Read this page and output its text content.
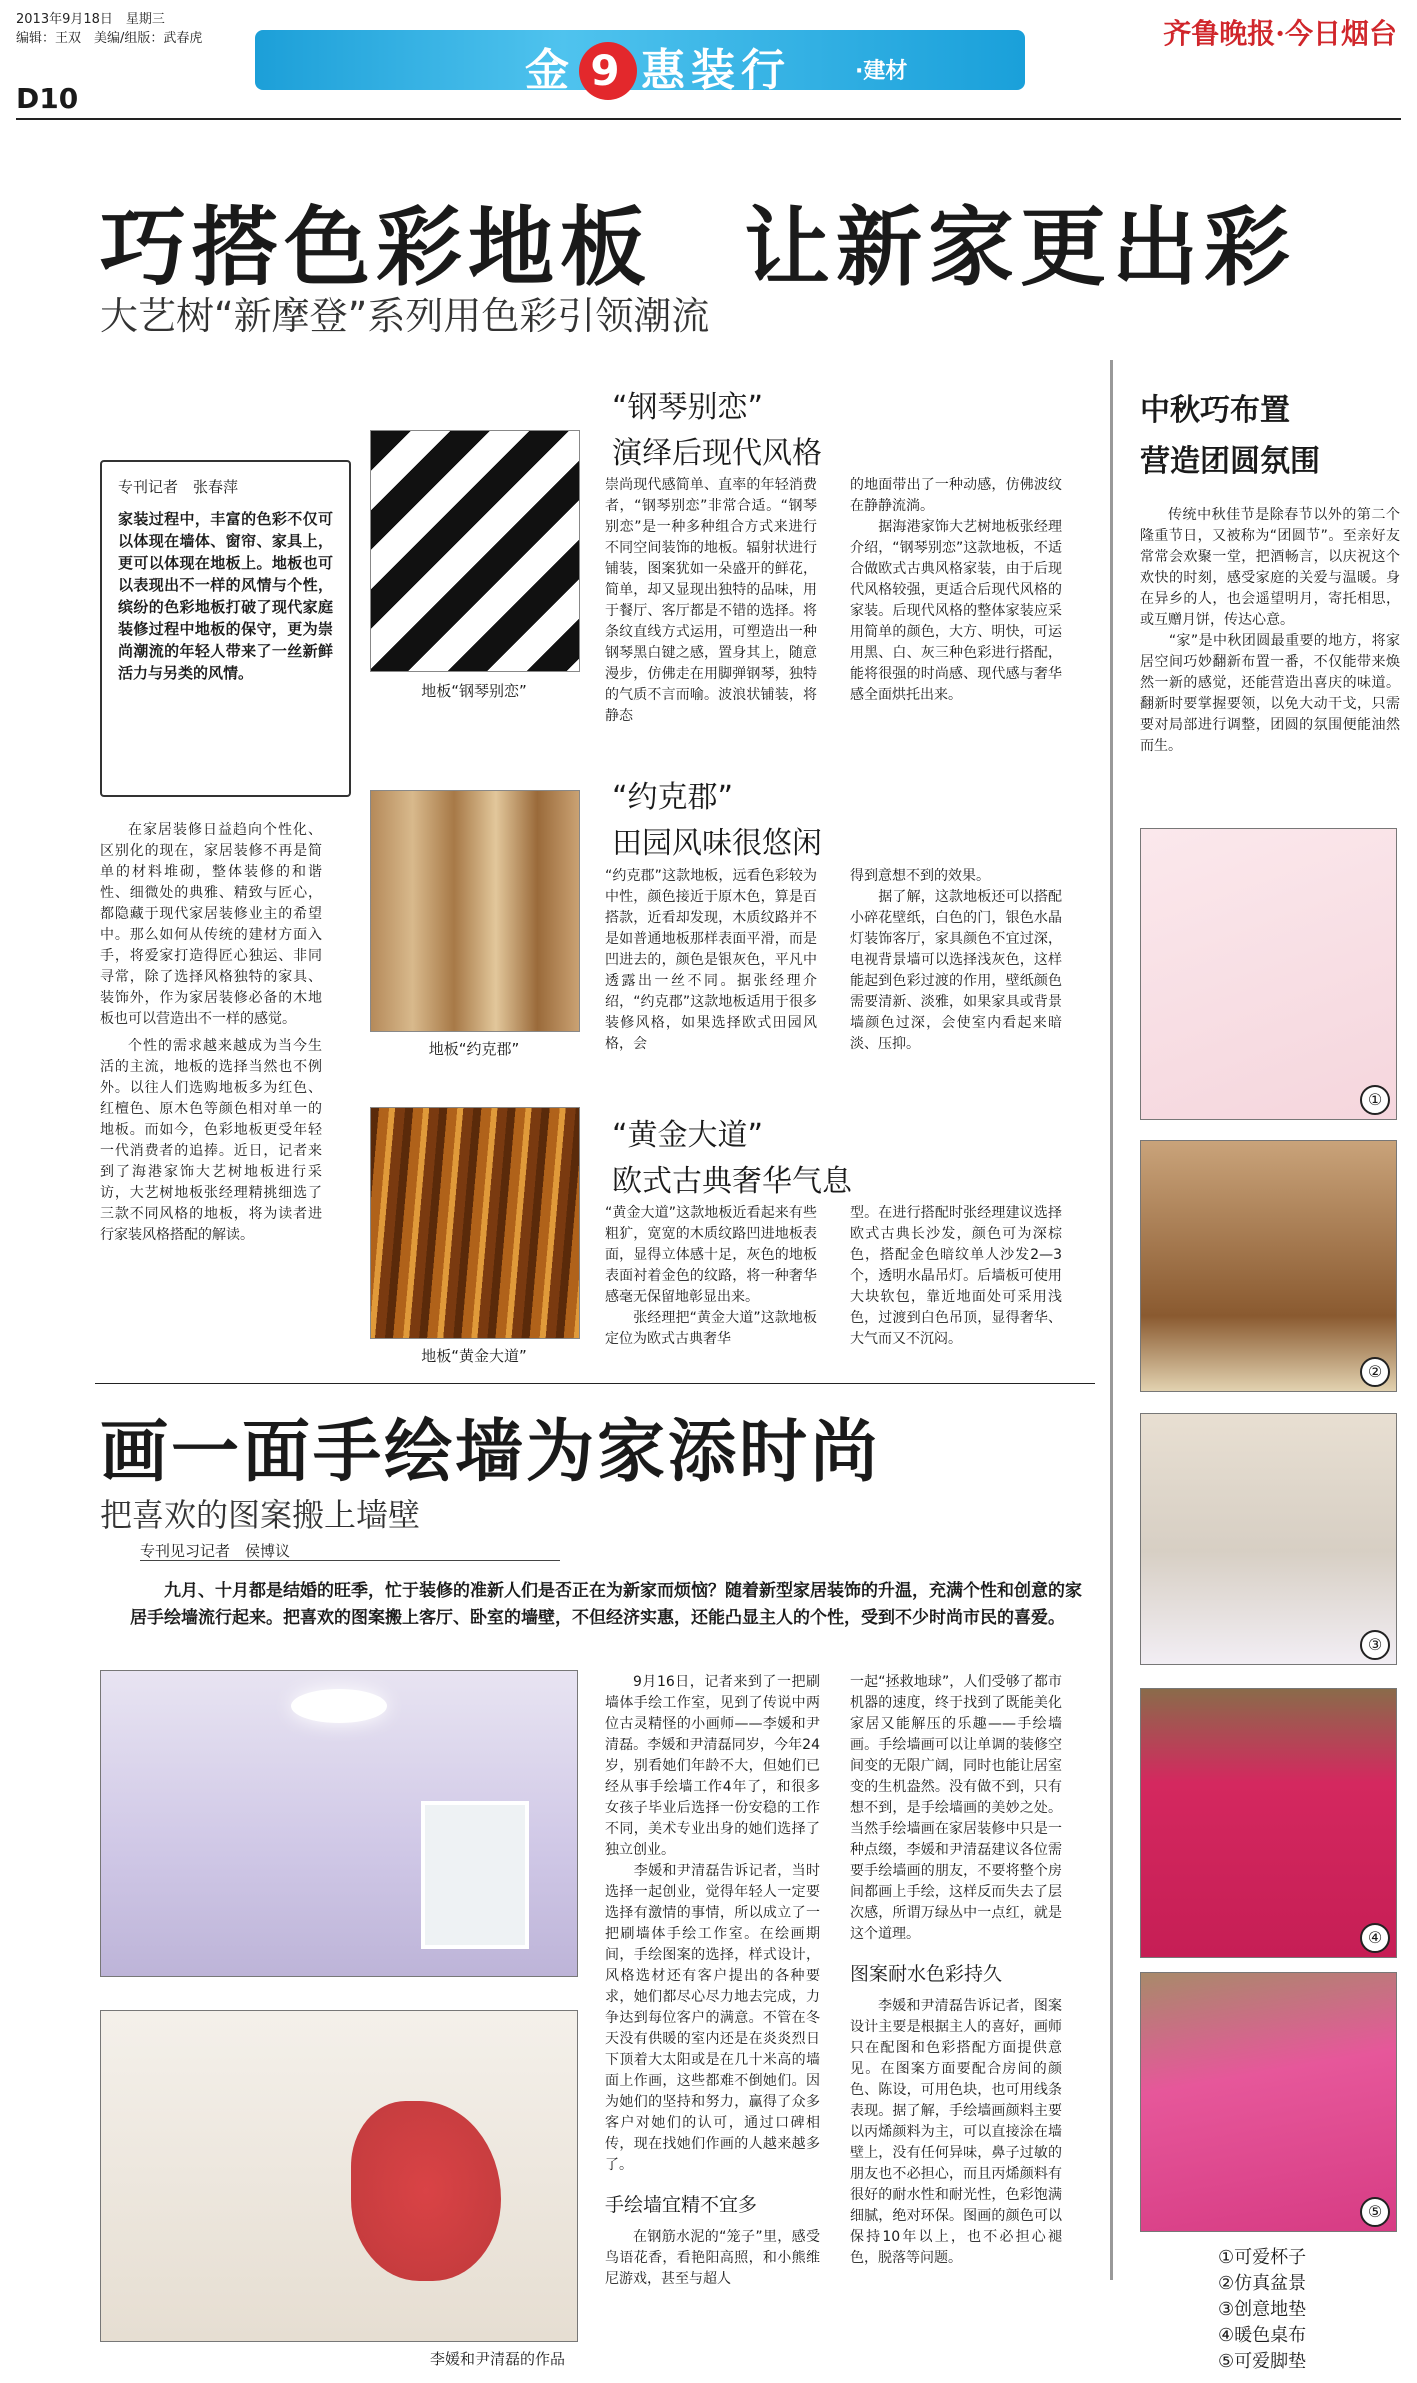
2013年9月18日　星期三
编辑：王双　美编/组版：武春虎
金 9 惠装行	·建材
齐鲁晚报·今日烟台
D10
巧搭色彩地板　让新家更出彩
大艺树“新摩登”系列用色彩引领潮流
专刊记者　张春萍
家装过程中，丰富的色彩不仅可以体现在墙体、窗帘、家具上，更可以体现在地板上。地板也可以表现出不一样的风情与个性，缤纷的色彩地板打破了现代家庭装修过程中地板的保守，更为崇尚潮流的年轻人带来了一丝新鲜活力与另类的风情。

在家居装修日益趋向个性化、区别化的现在，家居装修不再是简单的材料堆砌，整体装修的和谐性、细微处的典雅、精致与匠心，都隐藏于现代家居装修业主的希望中。那么如何从传统的建材方面入手，将爱家打造得匠心独运、非同寻常，除了选择风格独特的家具、装饰外，作为家居装修必备的木地板也可以营造出不一样的感觉。

个性的需求越来越成为当今生活的主流，地板的选择当然也不例外。以往人们选购地板多为红色、红檀色、原木色等颜色相对单一的地板。而如今，色彩地板更受年轻一代消费者的追捧。近日，记者来到了海港家饰大艺树地板进行采访，大艺树地板张经理精挑细选了三款不同风格的地板，将为读者进行家装风格搭配的解读。

地板“钢琴别恋”
“钢琴别恋”
演绎后现代风格
崇尚现代感简单、直率的年轻消费者，“钢琴别恋”非常合适。“钢琴别恋”是一种多种组合方式来进行不同空间装饰的地板。辐射状进行铺装，图案犹如一朵盛开的鲜花，简单，却又显现出独特的品味，用于餐厅、客厅都是不错的选择。将条纹直线方式运用，可塑造出一种钢琴黑白键之感，置身其上，随意漫步，仿佛走在用脚弹钢琴，独特的气质不言而喻。波浪状铺装，将静态
的地面带出了一种动感，仿佛波纹在静静流淌。
　　据海港家饰大艺树地板张经理介绍，“钢琴别恋”这款地板，不适合做欧式古典风格家装，由于后现代风格较强，更适合后现代风格的家装。后现代风格的整体家装应采用简单的颜色，大方、明快，可运用黑、白、灰三种色彩进行搭配，能将很强的时尚感、现代感与奢华感全面烘托出来。
地板“约克郡”
“约克郡”
田园风味很悠闲
“约克郡”这款地板，远看色彩较为中性，颜色接近于原木色，算是百搭款，近看却发现，木质纹路并不是如普通地板那样表面平滑，而是凹进去的，颜色是银灰色，平凡中透露出一丝不同。据张经理介绍，“约克郡”这款地板适用于很多装修风格，如果选择欧式田园风格，会
得到意想不到的效果。
　　据了解，这款地板还可以搭配小碎花壁纸，白色的门，银色水晶灯装饰客厅，家具颜色不宜过深，电视背景墙可以选择浅灰色，这样能起到色彩过渡的作用，壁纸颜色需要清新、淡雅，如果家具或背景墙颜色过深，会使室内看起来暗淡、压抑。
地板“黄金大道”
“黄金大道”
欧式古典奢华气息
“黄金大道”这款地板近看起来有些粗犷，宽宽的木质纹路凹进地板表面，显得立体感十足，灰色的地板表面衬着金色的纹路，将一种奢华感毫无保留地彰显出来。
　　张经理把“黄金大道”这款地板定位为欧式古典奢华
型。在进行搭配时张经理建议选择欧式古典长沙发，颜色可为深棕色，搭配金色暗纹单人沙发2—3个，透明水晶吊灯。后墙板可使用大块软包，靠近地面处可采用浅色，过渡到白色吊顶，显得奢华、大气而又不沉闷。
画一面手绘墙为家添时尚
把喜欢的图案搬上墙壁
专刊见习记者　侯博议
九月、十月都是结婚的旺季，忙于装修的准新人们是否正在为新家而烦恼？随着新型家居装饰的升温，充满个性和创意的家居手绘墙流行起来。把喜欢的图案搬上客厅、卧室的墙壁，不但经济实惠，还能凸显主人的个性，受到不少时尚市民的喜爱。
李媛和尹清磊的作品
9月16日，记者来到了一把刷墙体手绘工作室，见到了传说中两位古灵精怪的小画师——李媛和尹清磊。李媛和尹清磊同岁，今年24岁，别看她们年龄不大，但她们已经从事手绘墙工作4年了，和很多女孩子毕业后选择一份安稳的工作不同，美术专业出身的她们选择了独立创业。
　　李媛和尹清磊告诉记者，当时选择一起创业，觉得年轻人一定要选择有激情的事情，所以成立了一把刷墙体手绘工作室。在绘画期间，手绘图案的选择，样式设计，风格选材还有客户提出的各种要求，她们都尽心尽力地去完成，力争达到每位客户的满意。不管在冬天没有供暖的室内还是在炎炎烈日下顶着大太阳或是在几十米高的墙面上作画，这些都难不倒她们。因为她们的坚持和努力，赢得了众多客户对她们的认可，通过口碑相传，现在找她们作画的人越来越多了。
手绘墙宜精不宜多
在钢筋水泥的“笼子”里，感受鸟语花香，看艳阳高照，和小熊维尼游戏，甚至与超人
一起“拯救地球”，人们受够了都市机器的速度，终于找到了既能美化家居又能解压的乐趣——手绘墙画。手绘墙画可以让单调的装修空间变的无限广阔，同时也能让居室变的生机盎然。没有做不到，只有想不到，是手绘墙画的美妙之处。当然手绘墙画在家居装修中只是一种点缀，李媛和尹清磊建议各位需要手绘墙画的朋友，不要将整个房间都画上手绘，这样反而失去了层次感，所谓万绿丛中一点红，就是这个道理。
图案耐水色彩持久
李媛和尹清磊告诉记者，图案设计主要是根据主人的喜好，画师只在配图和色彩搭配方面提供意见。在图案方面要配合房间的颜色、陈设，可用色块，也可用线条表现。据了解，手绘墙画颜料主要以丙烯颜料为主，可以直接涂在墙壁上，没有任何异味，鼻子过敏的朋友也不必担心，而且丙烯颜料有很好的耐水性和耐光性，色彩饱满细腻，绝对环保。图画的颜色可以保持10年以上，也不必担心褪色，脱落等问题。
中秋巧布置
营造团圆氛围
传统中秋佳节是除春节以外的第二个隆重节日，又被称为“团圆节”。至亲好友常常会欢聚一堂，把酒畅言，以庆祝这个欢快的时刻，感受家庭的关爱与温暖。身在异乡的人，也会遥望明月，寄托相思，或互赠月饼，传达心意。
　　“家”是中秋团圆最重要的地方，将家居空间巧妙翻新布置一番，不仅能带来焕然一新的感觉，还能营造出喜庆的味道。翻新时要掌握要领，以免大动干戈，只需要对局部进行调整，团圆的氛围便能油然而生。
①
②
③
④
⑤
①可爱杯子
②仿真盆景
③创意地垫
④暖色桌布
⑤可爱脚垫
